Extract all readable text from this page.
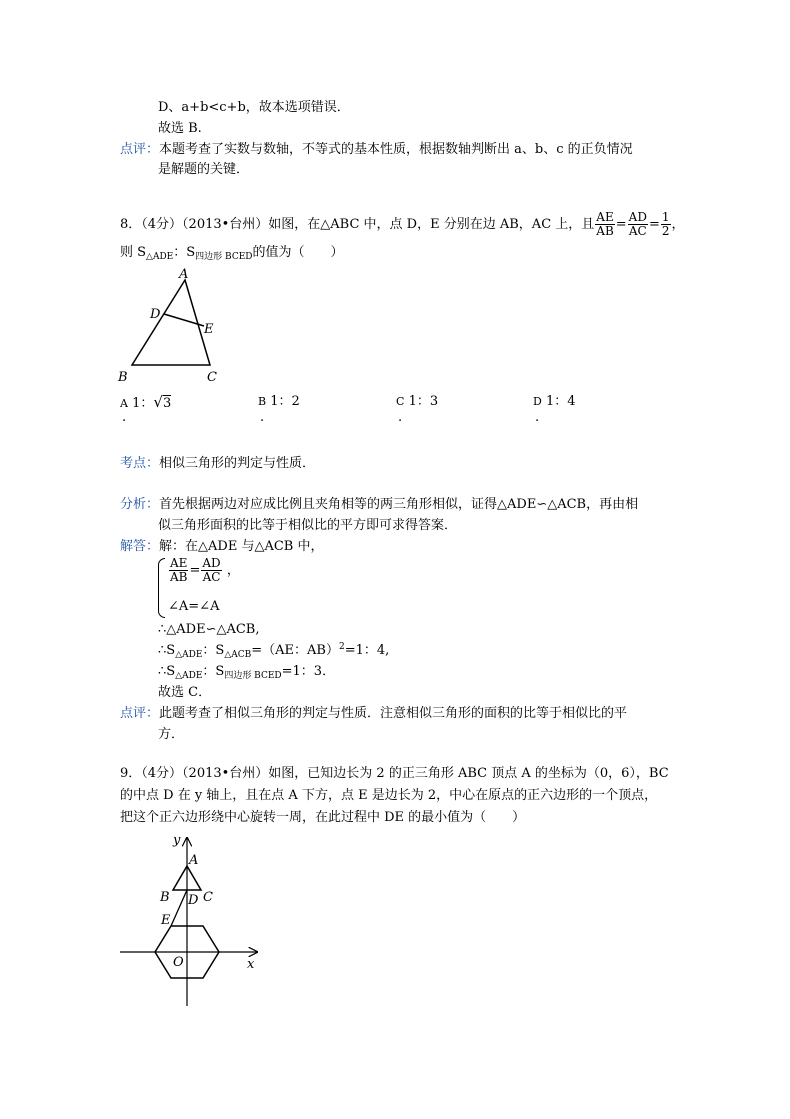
D、a+b<c+b，故本选项错误．
故选 B.
点评：本题考查了实数与数轴，不等式的基本性质，根据数轴判断出 a、b、c 的正负情况
是解题的关键．
8．（4分）（2013•台州）如图，在△ABC 中，点 D，E 分别在边 AB，AC 上，且 $\frac{AE}{AB} = \frac{AD}{AC} = \frac{1}{2}$ ，
则 $S_{\triangle ADE}$：$S_{四边形 BCED}$的值为（　　）
A
D
E
B	C
A 1：√3
.
B 1：2
.
C 1：3
.
D 1：4
.
考点：相似三角形的判定与性质．
分析：首先根据两边对应成比例且夹角相等的两三角形相似，证得△ADE∽△ACB，再由相
似三角形面积的比等于相似比的平方即可求得答案．
解答：解：在△ADE 与△ACB 中，
$\frac{AE}{AB} = \frac{AD}{AC}$ ，
∠A=∠A
∴△ADE∽△ACB,
$\therefore S_{\triangle ADE}$：$S_{\triangle ACB}=(AE$：AB）$^2$=1：4,
$\therefore S_{\triangle ADE}$：$S_{四边形 BCED}=1$：3．
故选 C．
点评：此题考查了相似三角形的判定与性质．注意相似三角形的面积的比等于相似比的平
方．
9．（4分）（2013•台州）如图，已知边长为 2 的正三角形 ABC 顶点 A 的坐标为（0，6），BC
的中点 D 在 y 轴上，且在点 A 下方，点 E 是边长为 2，中心在原点的正六边形的一个顶点，
把这个正六边形绕中心旋转一周，在此过程中 DE 的最小值为（　　）
y
x
A
B	C
D
E
O
